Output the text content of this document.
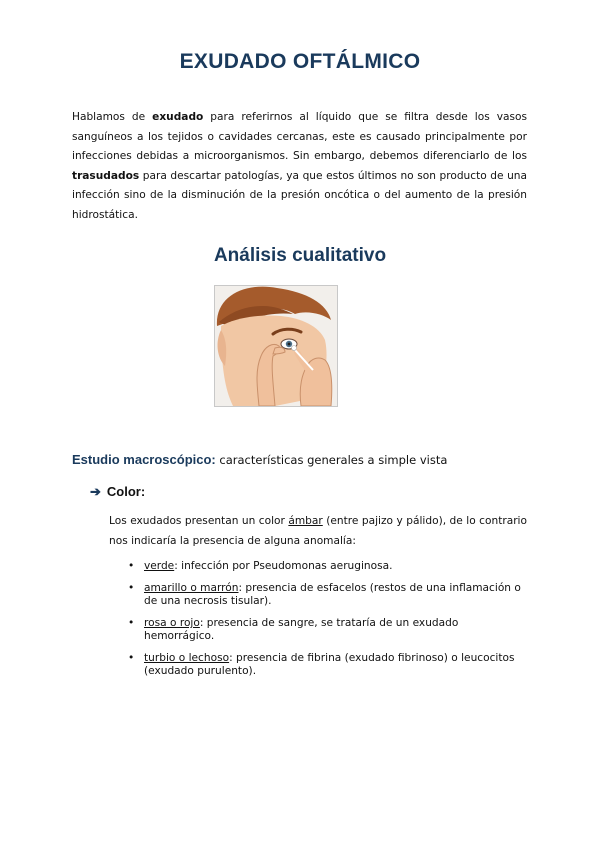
EXUDADO OFTÁLMICO

Hablamos de exudado para referirnos al líquido que se filtra desde los vasos sanguíneos a los tejidos o cavidades cercanas, este es causado principalmente por infecciones debidas a microorganismos. Sin embargo, debemos diferenciarlo de los trasudados para descartar patologías, ya que estos últimos no son producto de una infección sino de la disminución de la presión oncótica o del aumento de la presión hidrostática.

Análisis cualitativo
Estudio macroscópico: características generales a simple vista
➔ Color:

Los exudados presentan un color ámbar (entre pajizo y pálido), de lo contrario nos indicaría la presencia de alguna anomalía:

• verde: infección por Pseudomonas aeruginosa.
• amarillo o marrón: presencia de esfacelos (restos de una inflamación o de una necrosis tisular).
• rosa o rojo: presencia de sangre, se trataría de un exudado hemorrágico.
• turbio o lechoso: presencia de fibrina (exudado fibrinoso) o leucocitos (exudado purulento).
